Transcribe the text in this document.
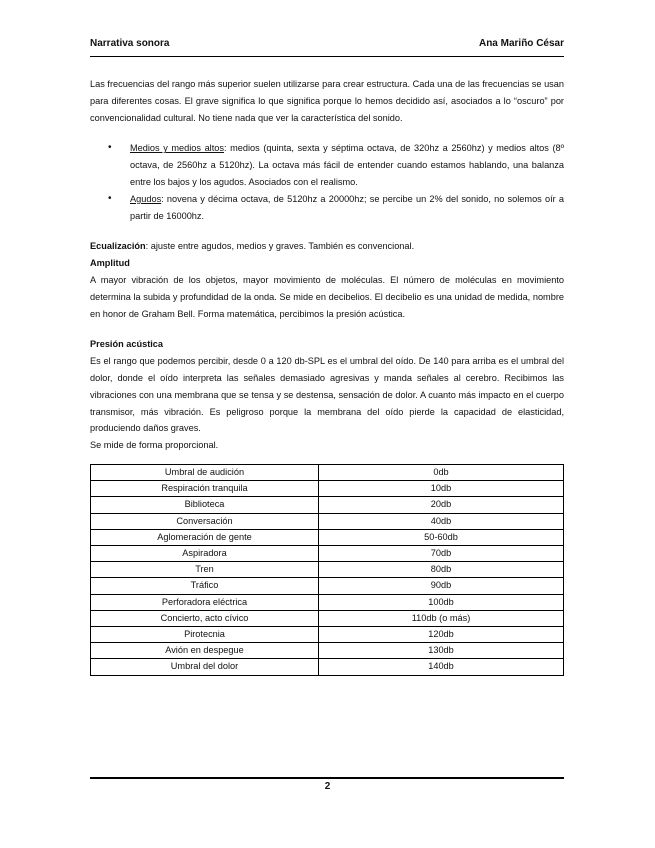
Narrativa sonora	Ana Mariño César

Las frecuencias del rango más superior suelen utilizarse para crear estructura. Cada una de las frecuencias se usan para diferentes cosas. El grave significa lo que significa porque lo hemos decidido así, asociados a lo “oscuro” por convencionalidad cultural. No tiene nada que ver la característica del sonido.

• Medios y medios altos: medios (quinta, sexta y séptima octava, de 320hz a 2560hz) y medios altos (8º octava, de 2560hz a 5120hz). La octava más fácil de entender cuando estamos hablando, una balanza entre los bajos y los agudos. Asociados con el realismo.
• Agudos: novena y décima octava, de 5120hz a 20000hz; se percibe un 2% del sonido, no solemos oír a partir de 16000hz.

Ecualización: ajuste entre agudos, medios y graves. También es convencional.

Amplitud

A mayor vibración de los objetos, mayor movimiento de moléculas. El número de moléculas en movimiento determina la subida y profundidad de la onda. Se mide en decibelios. El decibelio es una unidad de medida, nombre en honor de Graham Bell. Forma matemática, percibimos la presión acústica.

Presión acústica

Es el rango que podemos percibir, desde 0 a 120 db-SPL es el umbral del oído. De 140 para arriba es el umbral del dolor, donde el oído interpreta las señales demasiado agresivas y manda señales al cerebro. Recibimos las vibraciones con una membrana que se tensa y se destensa, sensación de dolor. A cuanto más impacto en el cuerpo transmisor, más vibración. Es peligroso porque la membrana del oído pierde la capacidad de elasticidad, produciendo daños graves.

Se mide de forma proporcional.

Umbral de audición	0db
Respiración tranquila	10db
Biblioteca	20db
Conversación	40db
Aglomeración de gente	50-60db
Aspiradora	70db
Tren	80db
Tráfico	90db
Perforadora eléctrica	100db
Concierto, acto cívico	110db (o más)
Pirotecnia	120db
Avión en despegue	130db
Umbral del dolor	140db
2
